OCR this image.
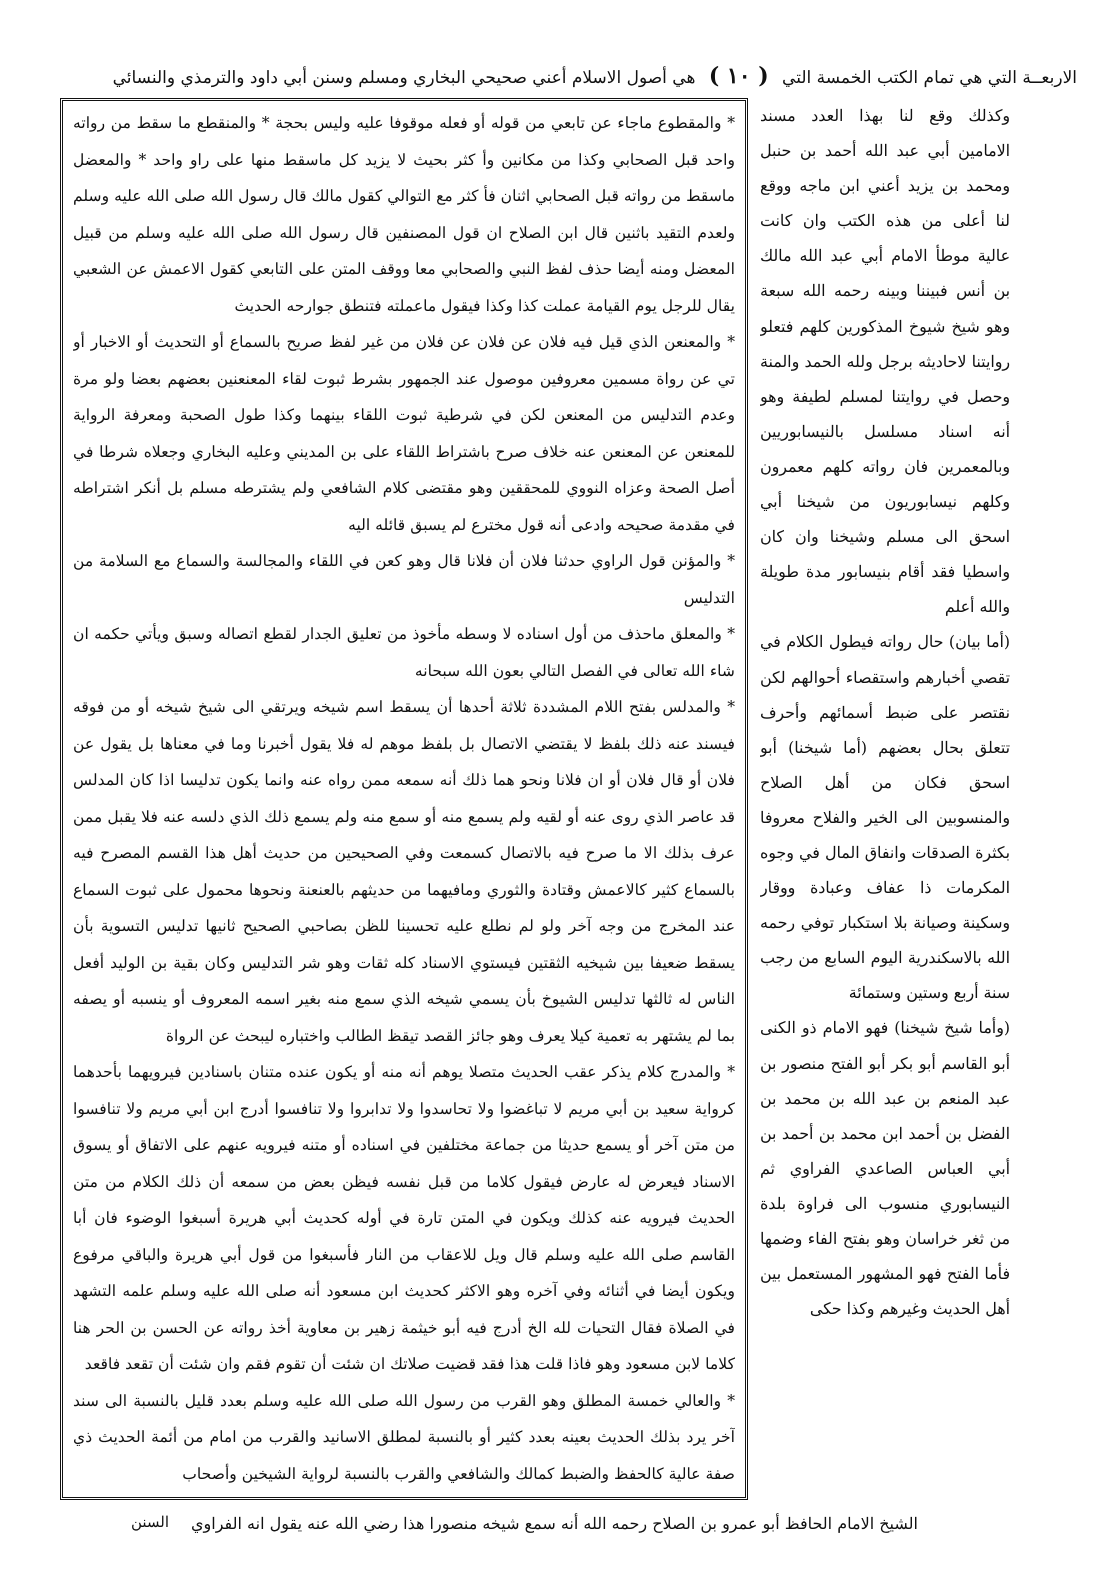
الاربعــة التي هي تمام الكتب الخمسة التي ( ١٠ ) هي أصول الاسلام أعني صحيحي البخاري ومسلم وسنن أبي داود والترمذي والنسائي

وكذلك وقع لنا بهذا العدد مسند الامامين أبي عبد الله أحمد بن حنبل ومحمد بن يزيد أعني ابن ماجه ووقع لنا أعلى من هذه الكتب وان كانت عالية موطأ الامام أبي عبد الله مالك بن أنس فبيننا وبينه رحمه الله سبعة وهو شيخ شيوخ المذكورين كلهم فتعلو روايتنا لاحاديثه برجل ولله الحمد والمنة وحصل في روايتنا لمسلم لطيفة وهو أنه اسناد مسلسل بالنيسابوريين وبالمعمرين فان رواته كلهم معمرون وكلهم نيسابوريون من شيخنا أبي اسحق الى مسلم وشيخنا وان كان واسطيا فقد أقام بنيسابور مدة طويلة والله أعلم

(أما بيان) حال رواته فيطول الكلام في تقصي أخبارهم واستقصاء أحوالهم لكن نقتصر على ضبط أسمائهم وأحرف تتعلق بحال بعضهم (أما شيخنا) أبو اسحق فكان من أهل الصلاح والمنسوبين الى الخير والفلاح معروفا بكثرة الصدقات وانفاق المال في وجوه المكرمات ذا عفاف وعبادة ووقار وسكينة وصيانة بلا استكبار توفي رحمه الله بالاسكندرية اليوم السابع من رجب سنة أربع وستين وستمائة

(وأما شيخ شيخنا) فهو الامام ذو الكنى أبو القاسم أبو بكر أبو الفتح منصور بن عبد المنعم بن عبد الله بن محمد بن الفضل بن أحمد ابن محمد بن أحمد بن أبي العباس الصاعدي الفراوي ثم النيسابوري منسوب الى فراوة بلدة من ثغر خراسان وهو بفتح الفاء وضمها فأما الفتح فهو المشهور المستعمل بين أهل الحديث وغيرهم وكذا حكى

* والمقطوع ماجاء عن تابعي من قوله أو فعله موقوفا عليه وليس بحجة * والمنقطع ما سقط من رواته واحد قبل الصحابي وكذا من مكانين وأ كثر بحيث لا يزيد كل ماسقط منها على راو واحد * والمعضل ماسقط من رواته قبل الصحابي اثنان فأ كثر مع التوالي كقول مالك قال رسول الله صلى الله عليه وسلم ولعدم التقيد باثنين قال ابن الصلاح ان قول المصنفين قال رسول الله صلى الله عليه وسلم من قبيل المعضل ومنه أيضا حذف لفظ النبي والصحابي معا ووقف المتن على التابعي كقول الاعمش عن الشعبي يقال للرجل يوم القيامة عملت كذا وكذا فيقول ماعملته فتنطق جوارحه الحديث

* والمعنعن الذي قيل فيه فلان عن فلان عن فلان من غير لفظ صريح بالسماع أو التحديث أو الاخبار أو تي عن رواة مسمين معروفين موصول عند الجمهور بشرط ثبوت لقاء المعنعنين بعضهم بعضا ولو مرة وعدم التدليس من المعنعن لكن في شرطية ثبوت اللقاء بينهما وكذا طول الصحبة ومعرفة الرواية للمعنعن عن المعنعن عنه خلاف صرح باشتراط اللقاء على بن المديني وعليه البخاري وجعلاه شرطا في أصل الصحة وعزاه النووي للمحققين وهو مقتضى كلام الشافعي ولم يشترطه مسلم بل أنكر اشتراطه في مقدمة صحيحه وادعى أنه قول مخترع لم يسبق قائله اليه

* والمؤنن قول الراوي حدثنا فلان أن فلانا قال وهو كعن في اللقاء والمجالسة والسماع مع السلامة من التدليس

* والمعلق ماحذف من أول اسناده لا وسطه مأخوذ من تعليق الجدار لقطع اتصاله وسبق ويأتي حكمه ان شاء الله تعالى في الفصل التالي بعون الله سبحانه

* والمدلس بفتح اللام المشددة ثلاثة أحدها أن يسقط اسم شيخه ويرتقي الى شيخ شيخه أو من فوقه فيسند عنه ذلك بلفظ لا يقتضي الاتصال بل بلفظ موهم له فلا يقول أخبرنا وما في معناها بل يقول عن فلان أو قال فلان أو ان فلانا ونحو هما ذلك أنه سمعه ممن رواه عنه وانما يكون تدليسا اذا كان المدلس قد عاصر الذي روى عنه أو لقيه ولم يسمع منه أو سمع منه ولم يسمع ذلك الذي دلسه عنه فلا يقبل ممن عرف بذلك الا ما صرح فيه بالاتصال كسمعت وفي الصحيحين من حديث أهل هذا القسم المصرح فيه بالسماع كثير كالاعمش وقتادة والثوري ومافيهما من حديثهم بالعنعنة ونحوها محمول على ثبوت السماع عند المخرج من وجه آخر ولو لم نطلع عليه تحسينا للظن بصاحبي الصحيح ثانيها تدليس التسوية بأن يسقط ضعيفا بين شيخيه الثقتين فيستوي الاسناد كله ثقات وهو شر التدليس وكان بقية بن الوليد أفعل الناس له ثالثها تدليس الشيوخ بأن يسمي شيخه الذي سمع منه بغير اسمه المعروف أو ينسبه أو يصفه بما لم يشتهر به تعمية كيلا يعرف وهو جائز القصد تيقظ الطالب واختباره ليبحث عن الرواة

* والمدرج كلام يذكر عقب الحديث متصلا يوهم أنه منه أو يكون عنده متنان باسنادين فيرويهما بأحدهما كرواية سعيد بن أبي مريم لا تباغضوا ولا تحاسدوا ولا تدابروا ولا تنافسوا أدرج ابن أبي مريم ولا تنافسوا من متن آخر أو يسمع حديثا من جماعة مختلفين في اسناده أو متنه فيرويه عنهم على الاتفاق أو يسوق الاسناد فيعرض له عارض فيقول كلاما من قبل نفسه فيظن بعض من سمعه أن ذلك الكلام من متن الحديث فيرويه عنه كذلك ويكون في المتن تارة في أوله كحديث أبي هريرة أسبغوا الوضوء فان أبا القاسم صلى الله عليه وسلم قال ويل للاعقاب من النار فأسبغوا من قول أبي هريرة والباقي مرفوع ويكون أيضا في أثنائه وفي آخره وهو الاكثر كحديث ابن مسعود أنه صلى الله عليه وسلم علمه التشهد في الصلاة فقال التحيات لله الخ أدرج فيه أبو خيثمة زهير بن معاوية أخذ رواته عن الحسن بن الحر هنا كلاما لابن مسعود وهو فاذا قلت هذا فقد قضيت صلاتك ان شئت أن تقوم فقم وان شئت أن تقعد فاقعد

* والعالي خمسة المطلق وهو القرب من رسول الله صلى الله عليه وسلم بعدد قليل بالنسبة الى سند آخر يرد بذلك الحديث بعينه بعدد كثير أو بالنسبة لمطلق الاسانيد والقرب من امام من أئمة الحديث ذي صفة عالية كالحفظ والضبط كمالك والشافعي والقرب بالنسبة لرواية الشيخين وأصحاب

الشيخ الامام الحافظ أبو عمرو بن الصلاح رحمه الله أنه سمع شيخه منصورا هذا رضي الله عنه يقول انه الفراوي
السنن
